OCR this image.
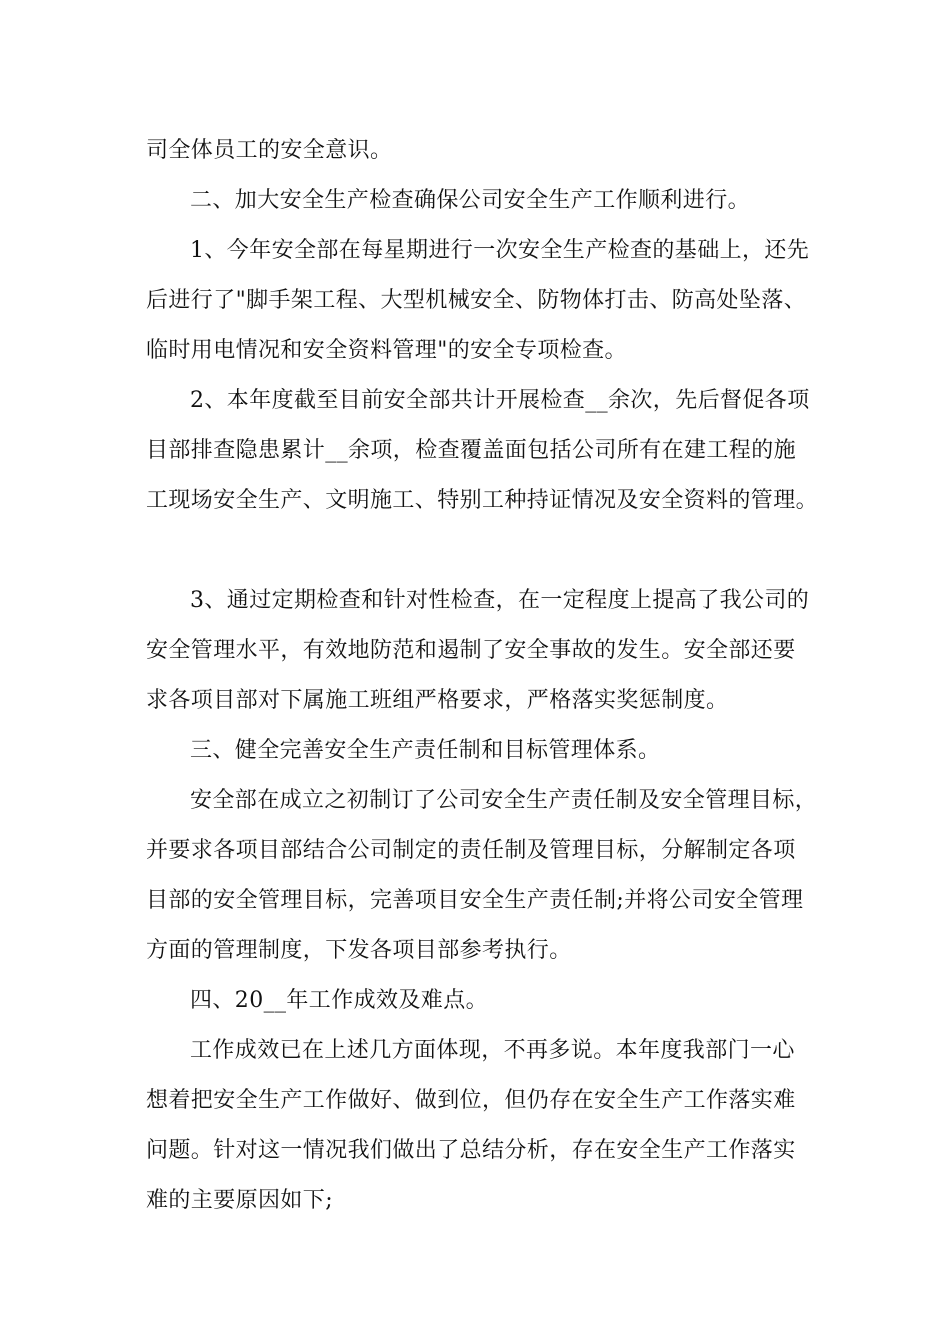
司全体员工的安全意识。
二、加大安全生产检查确保公司安全生产工作顺利进行。
1、今年安全部在每星期进行一次安全生产检查的基础上，还先
后进行了"脚手架工程、大型机械安全、防物体打击、防高处坠落、
临时用电情况和安全资料管理"的安全专项检查。
2、本年度截至目前安全部共计开展检查__余次，先后督促各项
目部排查隐患累计__余项，检查覆盖面包括公司所有在建工程的施
工现场安全生产、文明施工、特别工种持证情况及安全资料的管理。
3、通过定期检查和针对性检查，在一定程度上提高了我公司的
安全管理水平，有效地防范和遏制了安全事故的发生。安全部还要
求各项目部对下属施工班组严格要求，严格落实奖惩制度。
三、健全完善安全生产责任制和目标管理体系。
安全部在成立之初制订了公司安全生产责任制及安全管理目标，
并要求各项目部结合公司制定的责任制及管理目标，分解制定各项
目部的安全管理目标，完善项目安全生产责任制;并将公司安全管理
方面的管理制度，下发各项目部参考执行。
四、20__年工作成效及难点。
工作成效已在上述几方面体现，不再多说。本年度我部门一心
想着把安全生产工作做好、做到位，但仍存在安全生产工作落实难
问题。针对这一情况我们做出了总结分析，存在安全生产工作落实
难的主要原因如下;
